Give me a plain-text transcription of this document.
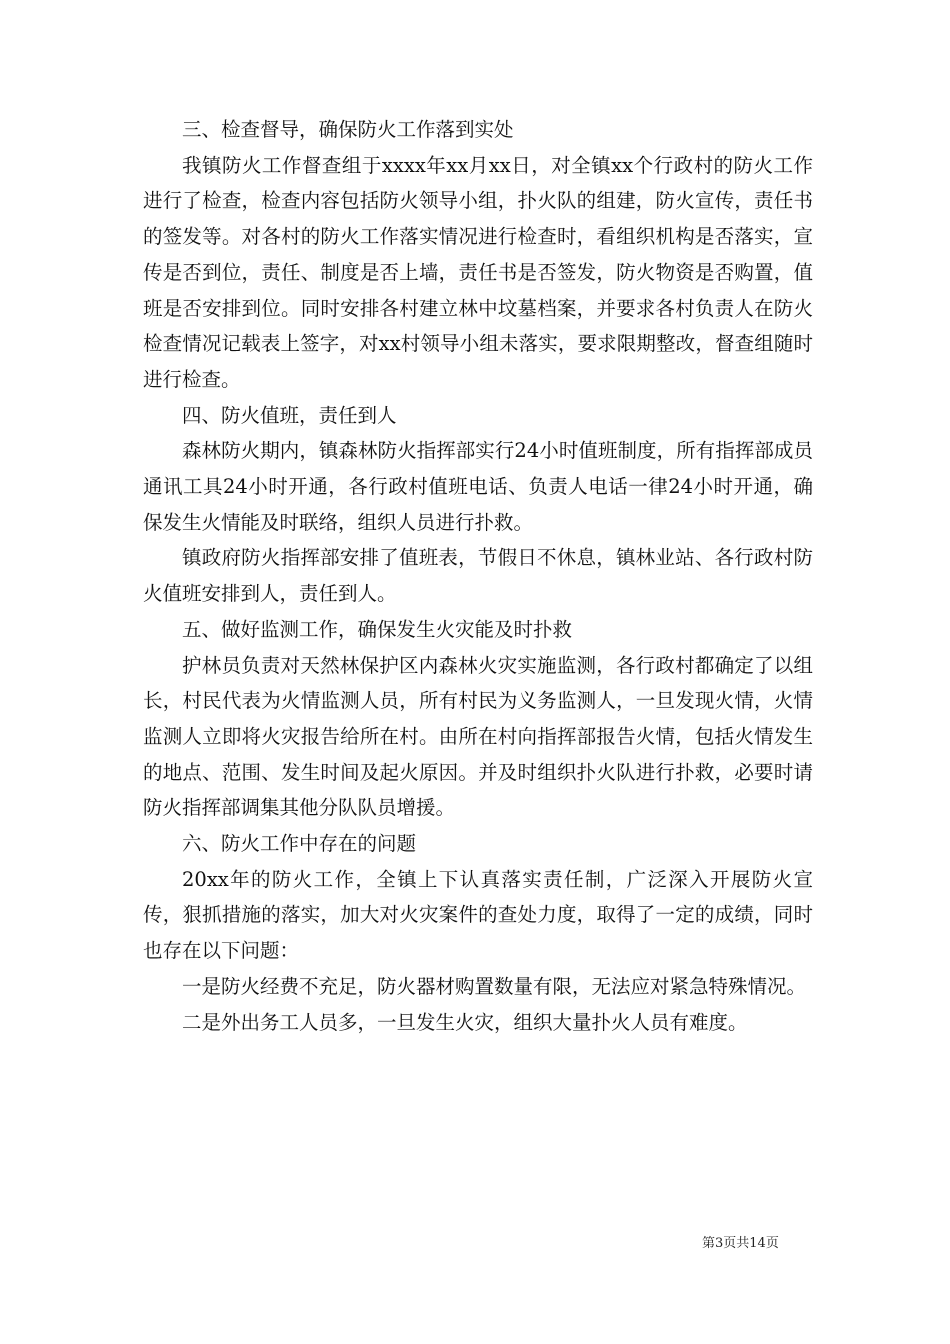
三、检查督导，确保防火工作落到实处

我镇防火工作督查组于xxxx年xx月xx日，对全镇xx个行政村的防火工作进行了检查，检查内容包括防火领导小组，扑火队的组建，防火宣传，责任书的签发等。对各村的防火工作落实情况进行检查时，看组织机构是否落实，宣传是否到位，责任、制度是否上墙，责任书是否签发，防火物资是否购置，值班是否安排到位。同时安排各村建立林中坟墓档案，并要求各村负责人在防火检查情况记载表上签字，对xx村领导小组未落实，要求限期整改，督查组随时进行检查。

四、防火值班，责任到人

森林防火期内，镇森林防火指挥部实行24小时值班制度，所有指挥部成员通讯工具24小时开通，各行政村值班电话、负责人电话一律24小时开通，确保发生火情能及时联络，组织人员进行扑救。

镇政府防火指挥部安排了值班表，节假日不休息，镇林业站、各行政村防火值班安排到人，责任到人。

五、做好监测工作，确保发生火灾能及时扑救

护林员负责对天然林保护区内森林火灾实施监测，各行政村都确定了以组长，村民代表为火情监测人员，所有村民为义务监测人，一旦发现火情，火情监测人立即将火灾报告给所在村。由所在村向指挥部报告火情，包括火情发生的地点、范围、发生时间及起火原因。并及时组织扑火队进行扑救，必要时请防火指挥部调集其他分队队员增援。

六、防火工作中存在的问题

20xx年的防火工作，全镇上下认真落实责任制，广泛深入开展防火宣传，狠抓措施的落实，加大对火灾案件的查处力度，取得了一定的成绩，同时也存在以下问题：

一是防火经费不充足，防火器材购置数量有限，无法应对紧急特殊情况。

二是外出务工人员多，一旦发生火灾，组织大量扑火人员有难度。

第3页共14页
